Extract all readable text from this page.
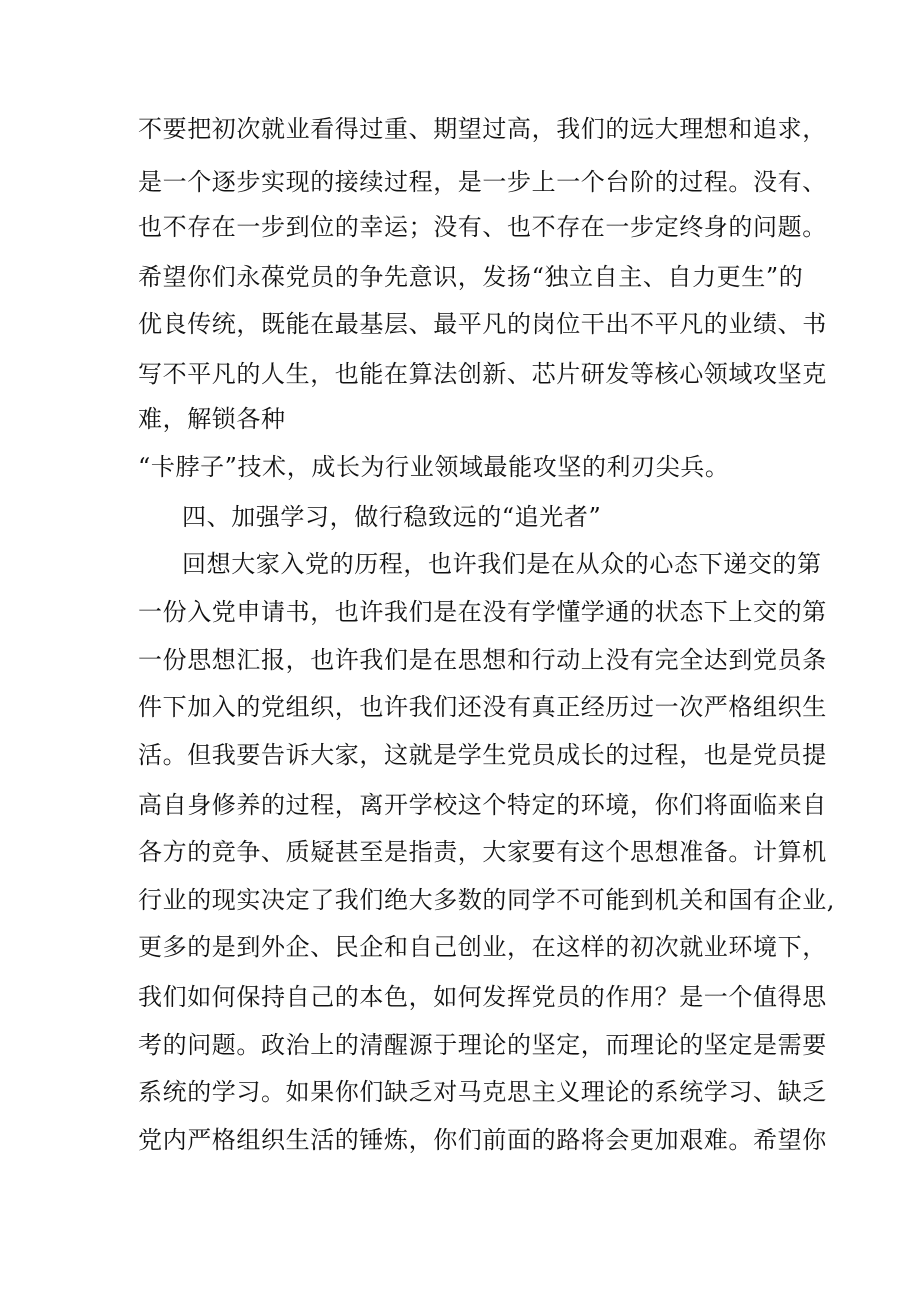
不要把初次就业看得过重、期望过高，我们的远大理想和追求，
是一个逐步实现的接续过程，是一步上一个台阶的过程。没有、
也不存在一步到位的幸运；没有、也不存在一步定终身的问题。
希望你们永葆党员的争先意识，发扬“独立自主、自力更生”的
优良传统，既能在最基层、最平凡的岗位干出不平凡的业绩、书
写不平凡的人生，也能在算法创新、芯片研发等核心领域攻坚克
难，解锁各种
“卡脖子”技术，成长为行业领域最能攻坚的利刃尖兵。
四、加强学习，做行稳致远的“追光者”
回想大家入党的历程，也许我们是在从众的心态下递交的第
一份入党申请书，也许我们是在没有学懂学通的状态下上交的第
一份思想汇报，也许我们是在思想和行动上没有完全达到党员条
件下加入的党组织，也许我们还没有真正经历过一次严格组织生
活。但我要告诉大家，这就是学生党员成长的过程，也是党员提
高自身修养的过程，离开学校这个特定的环境，你们将面临来自
各方的竞争、质疑甚至是指责，大家要有这个思想准备。计算机
行业的现实决定了我们绝大多数的同学不可能到机关和国有企业,
更多的是到外企、民企和自己创业，在这样的初次就业环境下，
我们如何保持自己的本色，如何发挥党员的作用？是一个值得思
考的问题。政治上的清醒源于理论的坚定，而理论的坚定是需要
系统的学习。如果你们缺乏对马克思主义理论的系统学习、缺乏
党内严格组织生活的锤炼，你们前面的路将会更加艰难。希望你
